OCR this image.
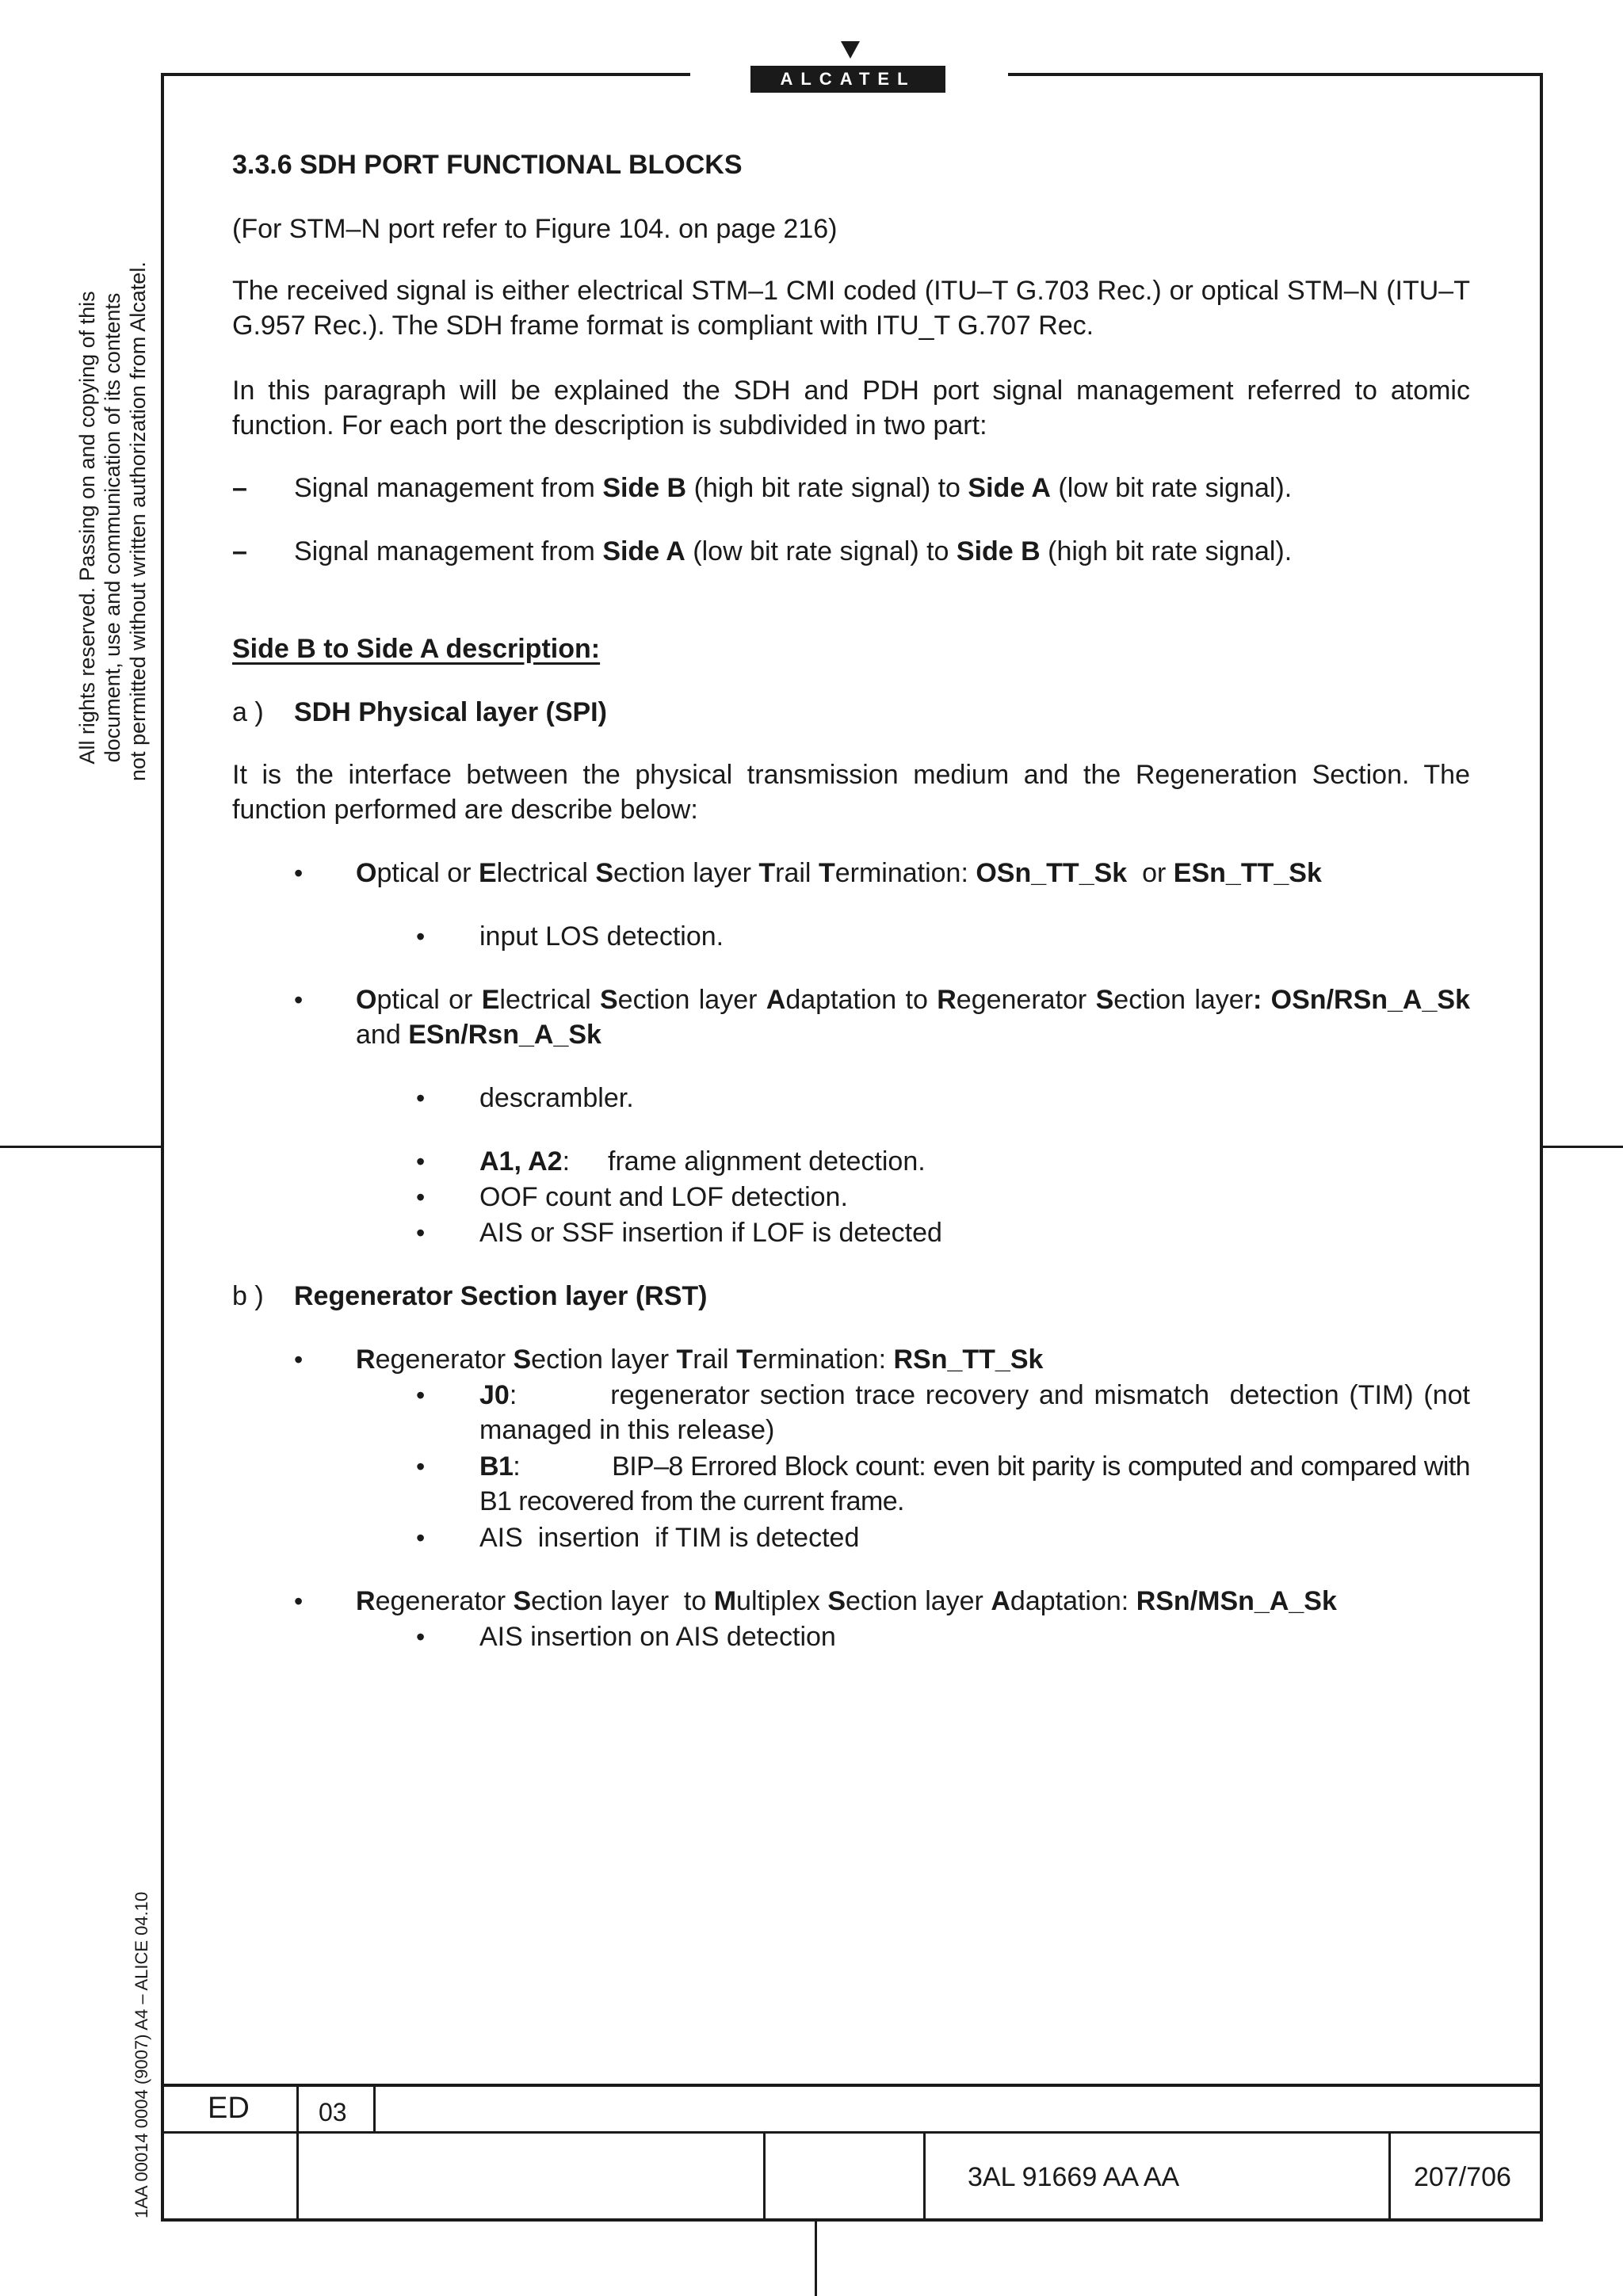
ALCATEL
All rights reserved. Passing on and copying of this document, use and communication of its contents not permitted without written authorization from Alcatel.
1AA 00014 0004 (9007) A4 – ALICE 04.10
3.3.6 SDH PORT FUNCTIONAL BLOCKS
(For STM–N port refer to Figure 104. on page 216)

The received signal is either electrical STM–1 CMI coded (ITU–T G.703 Rec.) or optical STM–N (ITU–T G.957 Rec.). The SDH frame format is compliant with ITU_T G.707 Rec.

In this paragraph will be explained the SDH and PDH port signal management referred to atomic function. For each port the description is subdivided in two part:

– Signal management from Side B (high bit rate signal) to Side A (low bit rate signal).
– Signal management from Side A (low bit rate signal) to Side B (high bit rate signal).
Side B to Side A description:
a ) SDH Physical layer (SPI)

It is the interface between the physical transmission medium and the Regeneration Section. The function performed are describe below:

• Optical or Electrical Section layer Trail Termination: OSn_TT_Sk  or ESn_TT_Sk
• input LOS detection.
• Optical or Electrical Section layer Adaptation to Regenerator Section layer: OSn/RSn_A_Sk and ESn/Rsn_A_Sk
• descrambler.
• A1, A2: frame alignment detection.
• OOF count and LOF detection.
• AIS or SSF insertion if LOF is detected
b ) Regenerator Section layer (RST)
• Regenerator Section layer Trail Termination: RSn_TT_Sk
• J0:	regenerator section trace recovery and mismatch  detection (TIM) (not managed in this release)
• B1:	BIP–8 Errored Block count: even bit parity is computed and compared with B1 recovered from the current frame.
• AIS  insertion  if TIM is detected
• Regenerator Section layer  to Multiplex Section layer Adaptation: RSn/MSn_A_Sk
• AIS insertion on AIS detection
ED	03
3AL 91669 AA AA	207/706
